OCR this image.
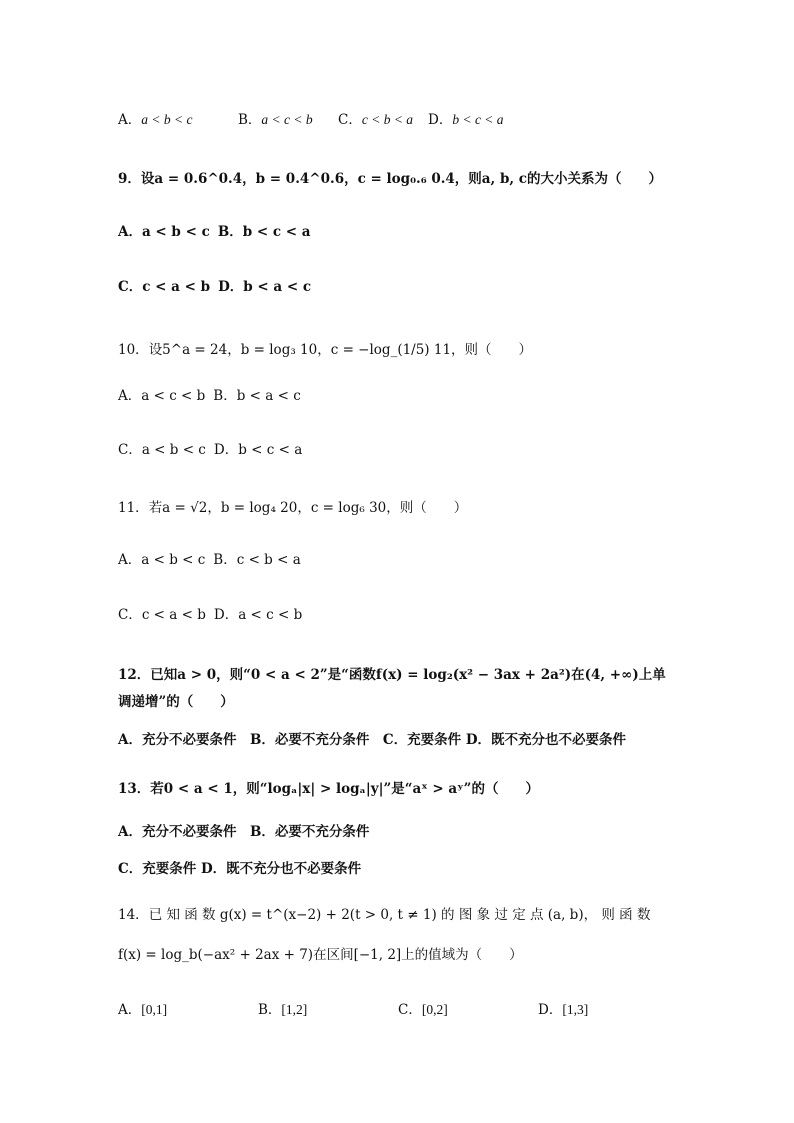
A．a < b < c	B．a < c < b C．c < b < a D．b < c < a
9．设a = 0.6^0.4，b = 0.4^0.6，c = log₀.₆ 0.4，则a, b, c的大小关系为（　　）
A．a < b < c B．b < c < a
C．c < a < b D．b < a < c
10．设5^a = 24，b = log₃ 10，c = −log_(1/5) 11，则（　　）
A．a < c < b B．b < a < c
C．a < b < c D．b < c < a
11．若a = √2，b = log₄ 20，c = log₆ 30，则（　　）
A．a < b < c B．c < b < a
C．c < a < b D．a < c < b
12．已知a > 0，则“0 < a < 2”是“函数f(x) = log₂(x² − 3ax + 2a²)在(4, +∞)上单
调递增”的（　　）
A．充分不必要条件　B．必要不充分条件　C．充要条件 D．既不充分也不必要条件
13．若0 < a < 1，则“logₐ|x| > logₐ|y|”是“aˣ > aʸ”的（　　）
A．充分不必要条件　B．必要不充分条件
C．充要条件 D．既不充分也不必要条件
14．已 知 函 数 g(x) = t^(x−2) + 2(t > 0, t ≠ 1) 的 图 象 过 定 点 (a, b)， 则 函 数
f(x) = log_b(−ax² + 2ax + 7)在区间[−1, 2]上的值域为（　　）
A．[0,1]	B．[1,2]	C．[0,2]	D．[1,3]
